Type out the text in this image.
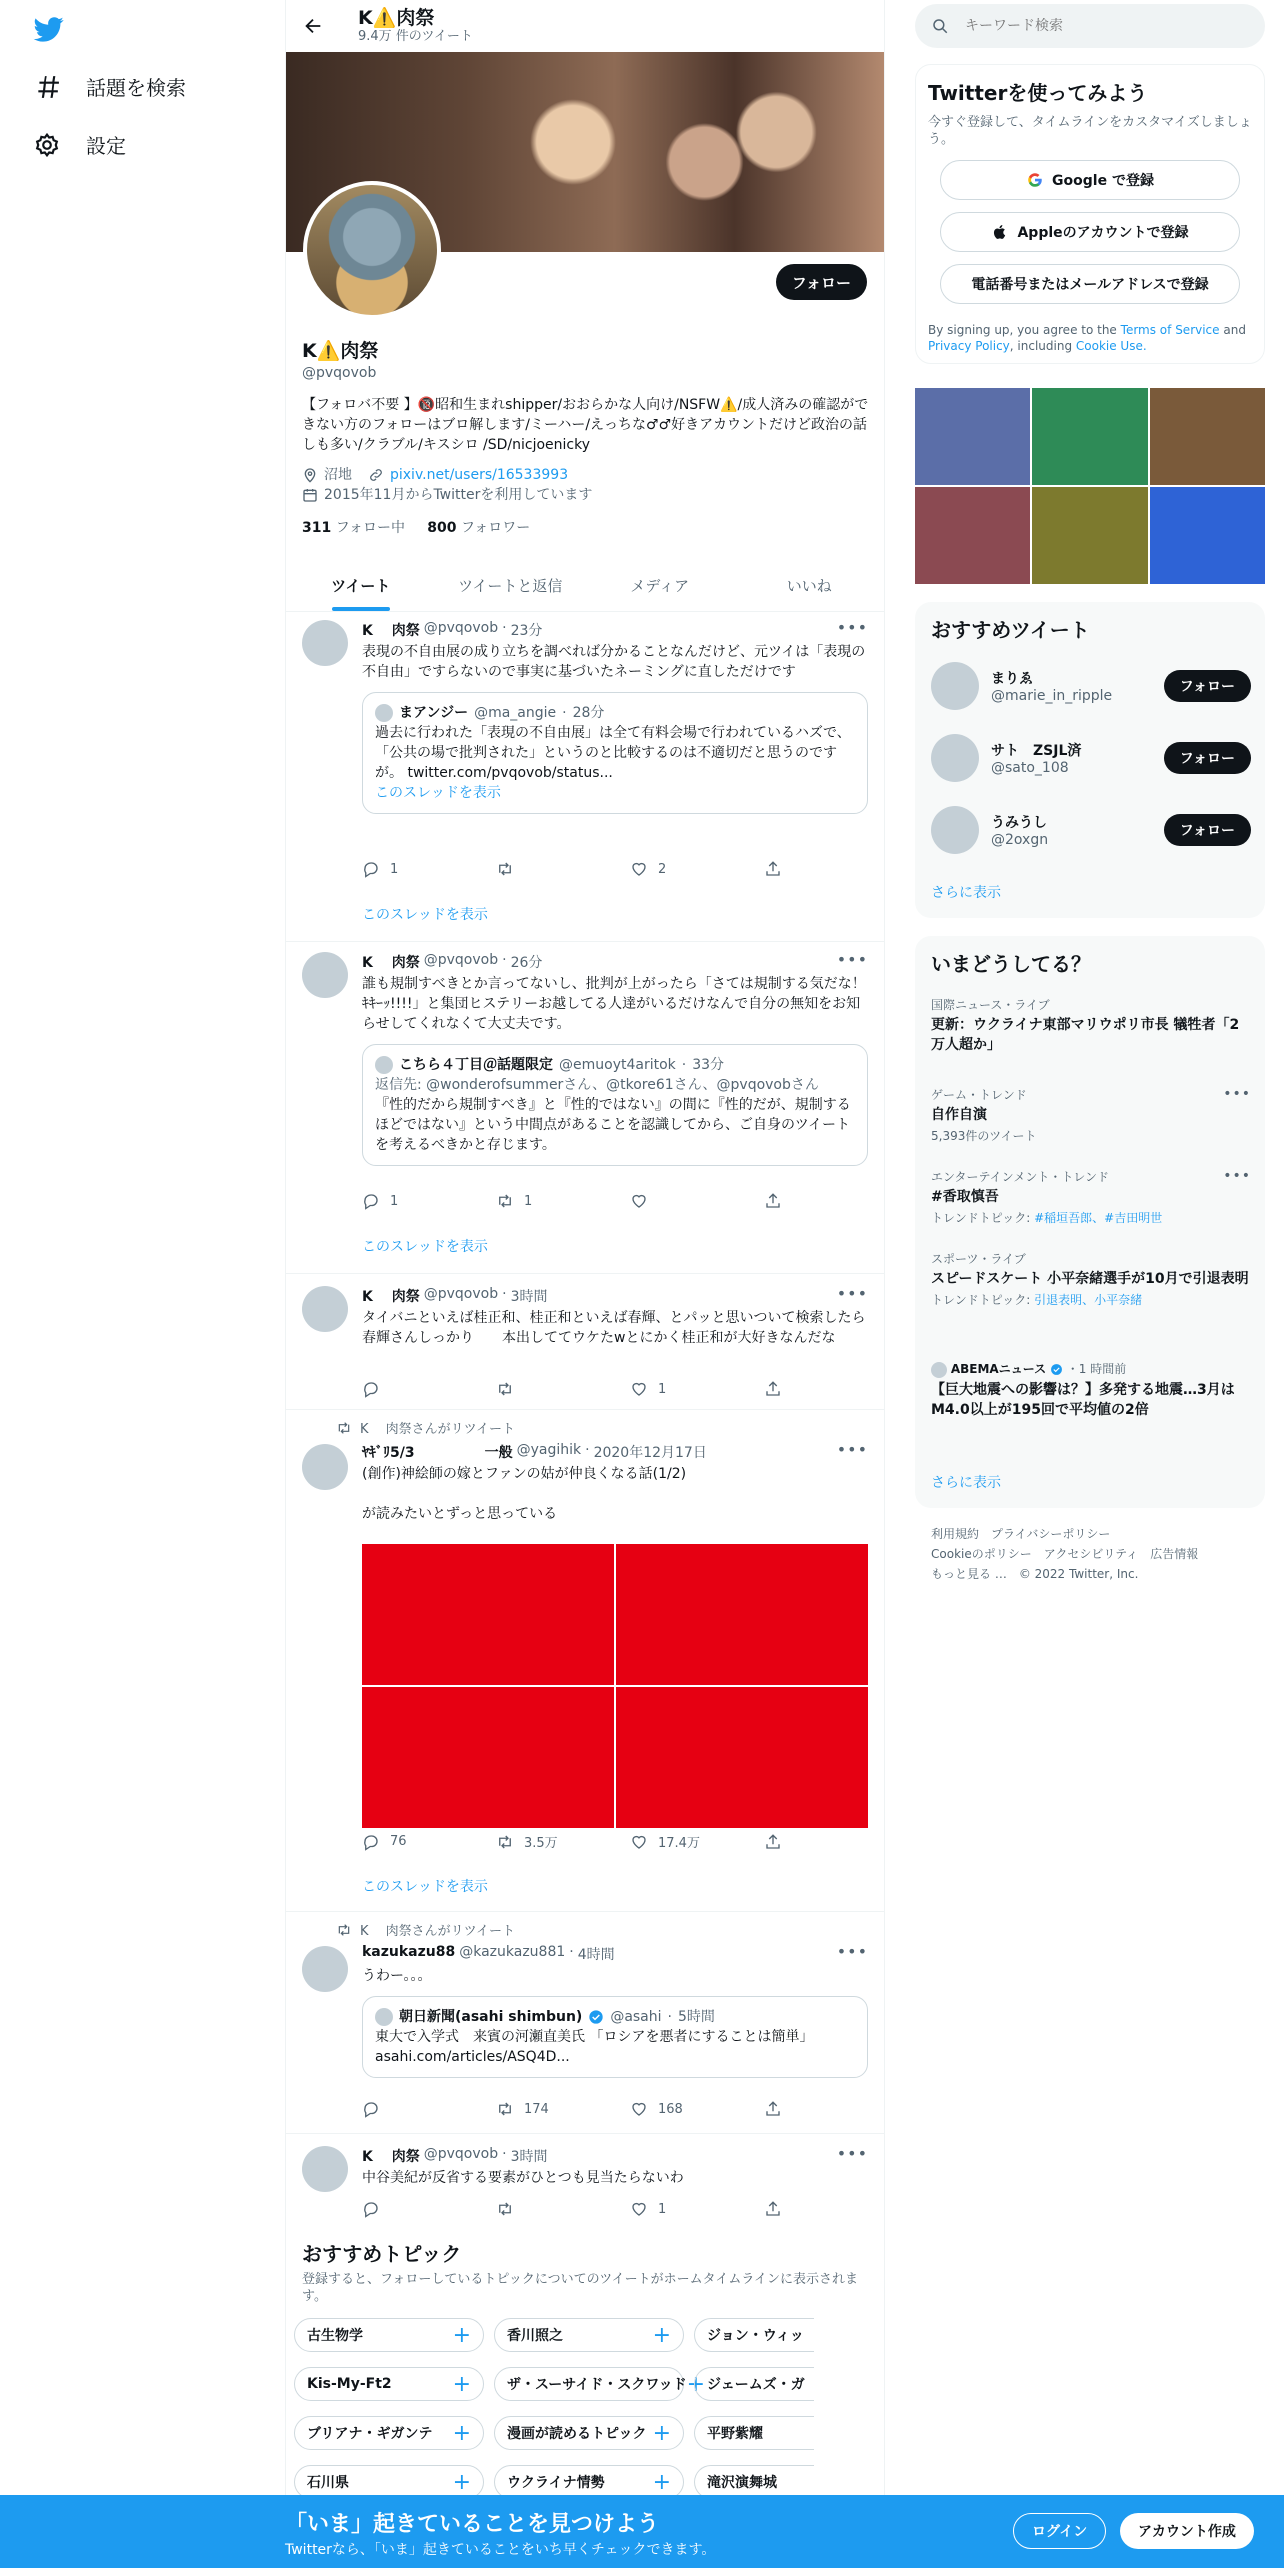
話題を検索
設定
K⚠️肉祭
9.4万 件のツイート
フォロー
K⚠️肉祭
@pvqovob
【フォロバ不要 】🔞昭和生まれshipper/おおらかな人向け/NSFW⚠️/成人済みの確認ができない方のフォローはブロ解します/ミーハー/えっちな♂♂好きアカウントだけど政治の話しも多い/クラブル/キスシロ /SD/nicjoenicky
沼地	pixiv.net/users/16533993
2015年11月からTwitterを利用しています
311 フォロー中 800 フォロワー
ツイート	ツイートと返信	メディア	いいね
•••
K　 肉祭 @pvqovob · 23分
表現の不自由展の成り立ちを調べれば分かることなんだけど、元ツイは「表現の不自由」ですらないので事実に基づいたネーミングに直しただけです
まアンジー @ma_angie · 28分
過去に行われた「表現の不自由展」は全て有料会場で行われているハズで、「公共の場で批判された」というのと比較するのは不適切だと思うのですが。 twitter.com/pvqovob/status...
このスレッドを表示
1	2
このスレッドを表示
•••
K　 肉祭 @pvqovob · 26分
誰も規制すべきとか言ってないし、批判が上がったら「さては規制する気だな！ｷｷｰｯ!!!!」と集団ヒステリーお越してる人達がいるだけなんで自分の無知をお知らせしてくれなくて大丈夫です。
こちら４丁目＠話題限定 @emuoyt4aritok · 33分
返信先: @wonderofsummerさん、@tkore61さん、@pvqovobさん
『性的だから規制すべき』と『性的ではない』の間に『性的だが、規制するほどではない』という中間点があることを認識してから、ご自身のツイートを考えるべきかと存じます。
1	1
このスレッドを表示
•••
K　 肉祭 @pvqovob · 3時間
タイバニといえば桂正和、桂正和といえば春輝、とパッと思いついて検索したら春輝さんしっかり　　本出しててウケたwとにかく桂正和が大好きなんだな
1
K　 肉祭さんがリツイート
•••
ﾔｷﾞﾘ5/3　　　　　一般 @yagihik · 2020年12月17日
(創作)神絵師の嫁とファンの姑が仲良くなる話(1/2)

が読みたいとずっと思っている
76	3.5万	17.4万
このスレッドを表示
K　 肉祭さんがリツイート
•••
kazukazu88 @kazukazu881 · 4時間
うわー。。。
朝日新聞(asahi shimbun) @asahi · 5時間
東大で入学式　来賓の河瀬直美氏 「ロシアを悪者にすることは簡単」 asahi.com/articles/ASQ4D...
174	168
•••
K　 肉祭 @pvqovob · 3時間
中谷美紀が反省する要素がひとつも見当たらないわ
1
おすすめトピック
登録すると、フォローしているトピックについてのツイートがホームタイムラインに表示されます。
古生物学	+	香川照之	+	ジョン・ウィッ
Kis-My-Ft2	+	ザ・スーサイド・スクワッド + ジェームズ・ガ
ブリアナ・ギガンテ +	漫画が読めるトピック +	平野紫耀
石川県	+	ウクライナ情勢 +	滝沢演舞城
キーワード検索
Twitterを使ってみよう
今すぐ登録して、タイムラインをカスタマイズしましょう。
Google で登録
Appleのアカウントで登録
電話番号またはメールアドレスで登録
By signing up, you agree to the Terms of Service and Privacy Policy, including Cookie Use.
おすすめツイート
まりゑ
@marie_in_ripple
フォロー
サト　ZSJL済
@sato_108
フォロー
うみうし
@2oxgn
フォロー
さらに表示
いまどうしてる？
国際ニュース・ライブ
更新：ウクライナ東部マリウポリ市長 犠牲者「2万人超か」
ゲーム・トレンド
自作自演
5,393件のツイート
•••
エンターテインメント・トレンド
#香取慎吾
トレンドトピック: #稲垣吾郎、#吉田明世
•••
スポーツ・ライブ
スピードスケート 小平奈緒選手が10月で引退表明
トレンドトピック: 引退表明、小平奈緒
ABEMAニュース ・1 時間前
【巨大地震への影響は？】多発する地震…3月はM4.0以上が195回で平均値の2倍
さらに表示
利用規約 プライバシーポリシー
Cookieのポリシー アクセシビリティ 広告情報
もっと見る … © 2022 Twitter, Inc.
「いま」起きていることを見つけよう
Twitterなら、「いま」起きていることをいち早くチェックできます。
ログイン	アカウント作成
